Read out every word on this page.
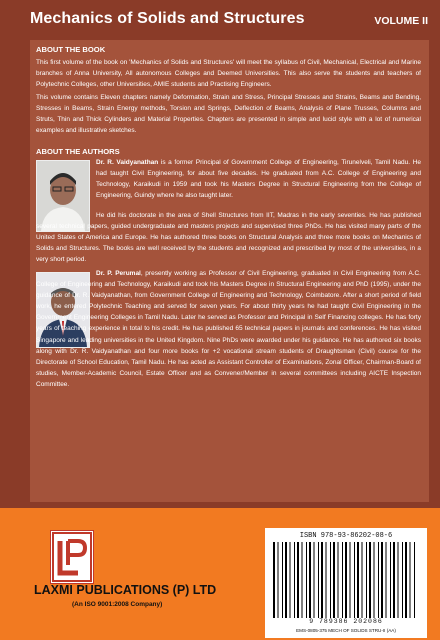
Mechanics of Solids and Structures	VOLUME II
ABOUT THE BOOK

This first volume of the book on 'Mechanics of Solids and Structures' will meet the syllabus of Civil, Mechanical, Electrical and Marine branches of Anna University, All autonomous Colleges and Deemed Universities. This also serve the students and teachers of Polytechnic Colleges, other Universities, AMIE students and Practising Engineers.

This volume contains Eleven chapters namely Deformation, Strain and Stress, Principal Stresses and Strains, Beams and Bending, Stresses in Beams, Strain Energy methods, Torsion and Springs, Deflection of Beams, Analysis of Plane Trusses, Columns and Struts, Thin and Thick Cylinders and Material Properties. Chapters are presented in simple and lucid style with a lot of numerical examples and illustrative sketches.

ABOUT THE AUTHORS

Dr. R. Vaidyanathan is a former Principal of Government College of Engineering, Tirunelveli, Tamil Nadu. He had taught Civil Engineering, for about five decades. He graduated from A.C. College of Engineering and Technology, Karaikudi in 1959 and took his Masters Degree in Structural Engineering from the College of Engineering, Guindy where he also taught later.

He did his doctorate in the area of Shell Structures from IIT, Madras in the early seventies. He has published several technical papers, guided undergraduate and masters projects and supervised three PhDs. He has visited many parts of the United States of America and Europe. He has authored three books on Structural Analysis and three more books on Mechanics of Solids and Structures. The books are well received by the students and recognized and prescribed by most of the universities, in a very short period.

Dr. P. Perumal, presently working as Professor of Civil Engineering, graduated in Civil Engineering from A.C. College of Engineering and Technology, Karaikudi and took his Masters Degree in Structural Engineering and PhD (1995), under the guidance of Dr. R. Vaidyanathan, from Government College of Engineering and Technology, Coimbatore. After a short period of field work, he entered Polytechnic Teaching and served for seven years. For about thirty years he had taught Civil Engineering in the Government Engineering Colleges in Tamil Nadu. Later he served as Professor and Principal in Self Financing colleges. He has forty years of teaching experience in total to his credit. He has published 65 technical papers in journals and conferences. He has visited Singapore and leading universities in the United Kingdom. Nine PhDs were awarded under his guidance. He has authored six books along with Dr. R. Vaidyanathan and four more books for +2 vocational stream students of Draughtsman (Civil) course for the Directorate of School Education, Tamil Nadu. He has acted as Assistant Controller of Examinations, Zonal Officer, Chairman-Board of studies, Member-Academic Council, Estate Officer and as Convener/Member in several committees including AICTE Inspection Committee.

LAXMI PUBLICATIONS (P) LTD
(An ISO 9001:2008 Company)
ISBN 978-93-86202-08-6
9 789386 202086
EMS-0805-375 MECH OF SOLIDS STRU-II (AA)
